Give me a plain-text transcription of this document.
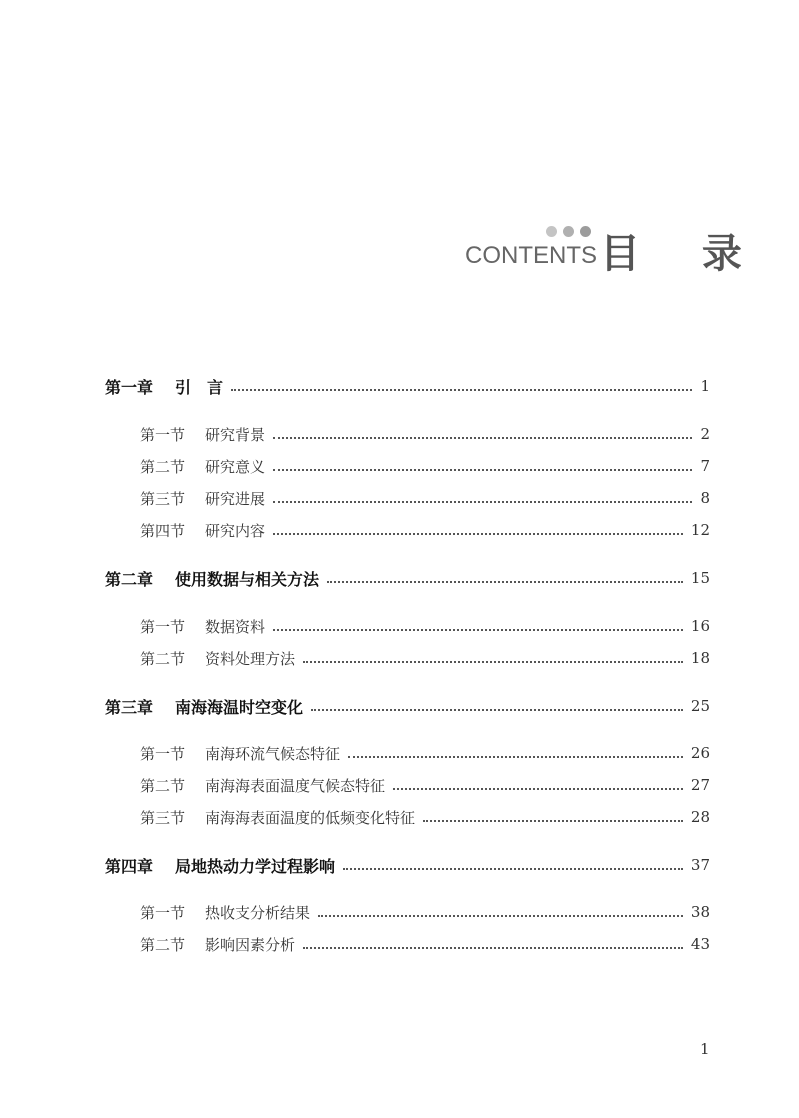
CONTENTS 目 录
第一章 引　言	1
第一节 研究背景	2
第二节 研究意义	7
第三节 研究进展	8
第四节 研究内容	12
第二章 使用数据与相关方法	15
第一节 数据资料	16
第二节 资料处理方法	18
第三章 南海海温时空变化	25
第一节 南海环流气候态特征	26
第二节 南海海表面温度气候态特征	27
第三节 南海海表面温度的低频变化特征	28
第四章 局地热动力学过程影响	37
第一节 热收支分析结果	38
第二节 影响因素分析	43
1
